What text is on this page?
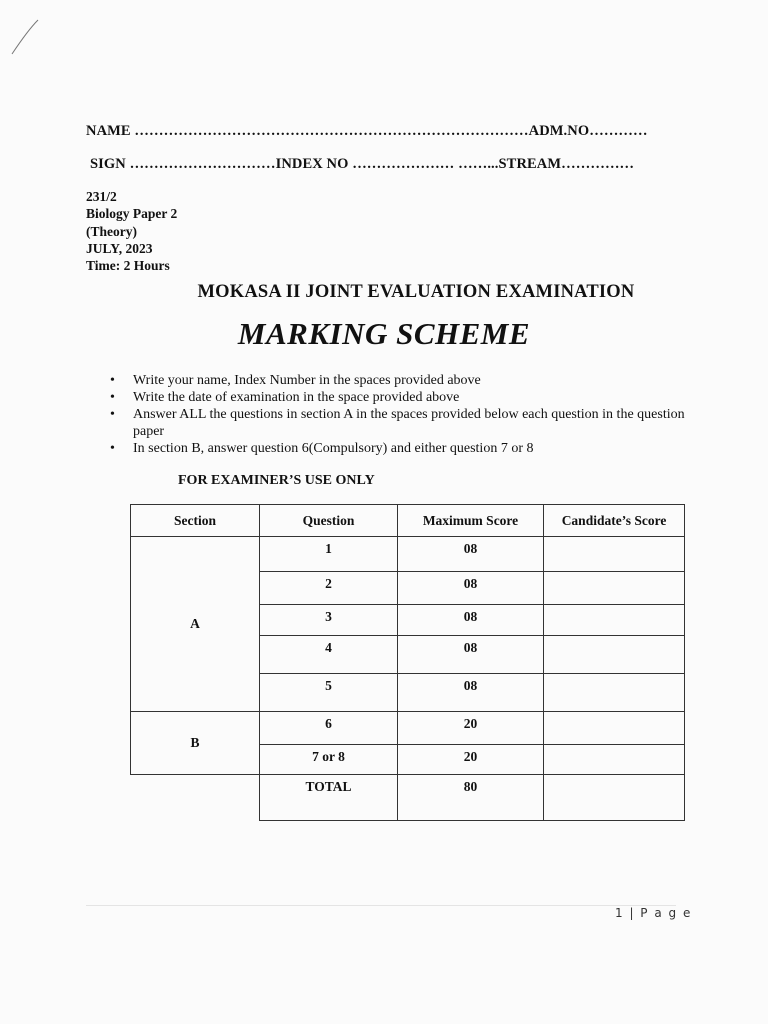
NAME ………………………………………………………………………ADM.NO…………
SIGN …………………………INDEX NO ………………… ……...STREAM……………
231/2
Biology Paper 2
(Theory)
JULY, 2023
Time: 2 Hours
MOKASA II JOINT EVALUATION EXAMINATION
MARKING SCHEME
• Write your name, Index Number in the spaces provided above
• Write the date of examination in the space provided above
• Answer ALL the questions in section A in the spaces provided below each question in the question paper
• In section B, answer question 6(Compulsory) and either question 7 or 8
FOR EXAMINER’S USE ONLY
Section	Question	Maximum Score	Candidate’s Score
A	1	08	
	2	08	
	3	08	
	4	08	
	5	08	
B	6	20	
	7 or 8	20	
	TOTAL	80	
1 | P a g e
